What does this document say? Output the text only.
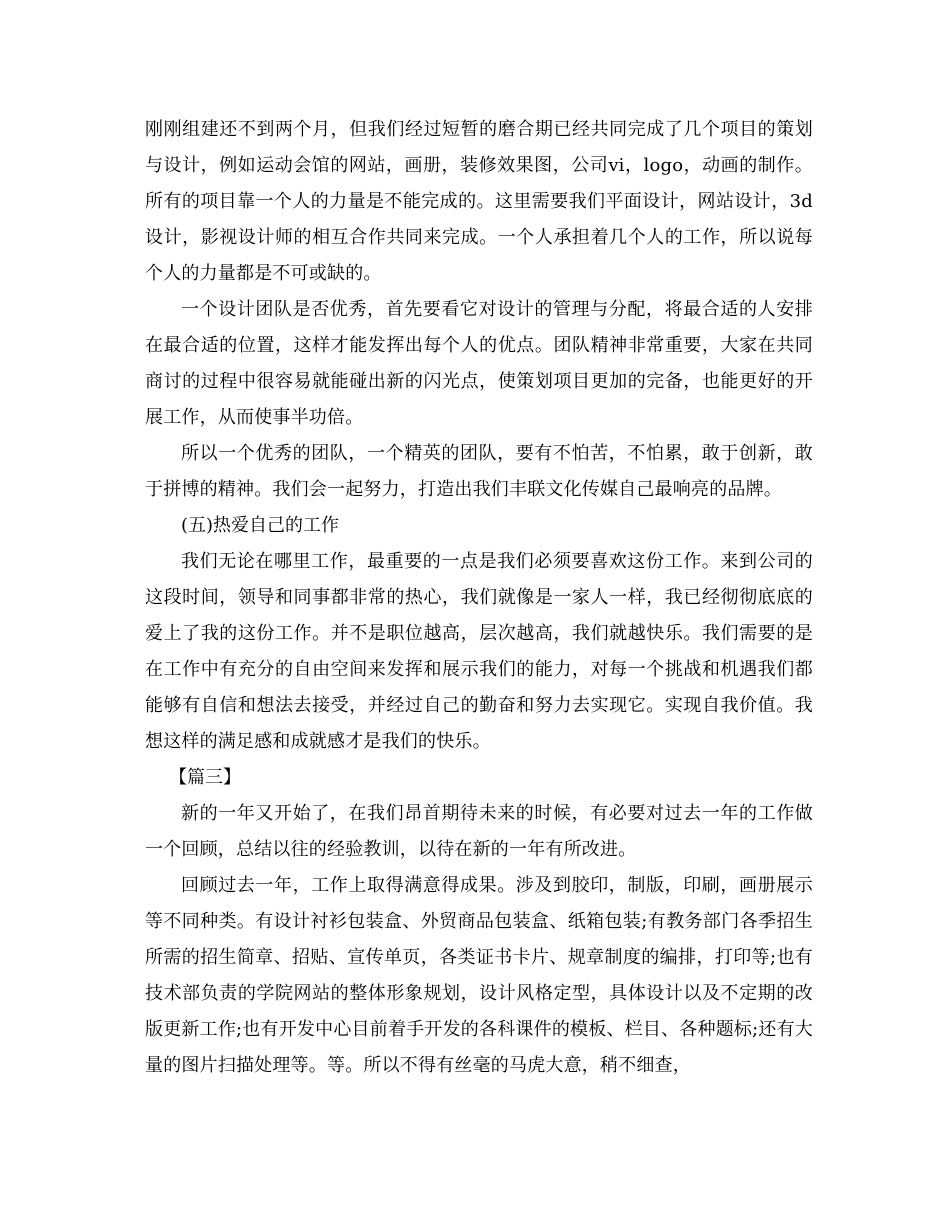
刚刚组建还不到两个月，但我们经过短暂的磨合期已经共同完成了几个项目的策划与设计，例如运动会馆的网站，画册，装修效果图，公司vi，logo，动画的制作。所有的项目靠一个人的力量是不能完成的。这里需要我们平面设计，网站设计，3d设计，影视设计师的相互合作共同来完成。一个人承担着几个人的工作，所以说每个人的力量都是不可或缺的。

一个设计团队是否优秀，首先要看它对设计的管理与分配，将最合适的人安排在最合适的位置，这样才能发挥出每个人的优点。团队精神非常重要，大家在共同商讨的过程中很容易就能碰出新的闪光点，使策划项目更加的完备，也能更好的开展工作，从而使事半功倍。

所以一个优秀的团队，一个精英的团队，要有不怕苦，不怕累，敢于创新，敢于拼博的精神。我们会一起努力，打造出我们丰联文化传媒自己最响亮的品牌。

(五)热爱自己的工作

我们无论在哪里工作，最重要的一点是我们必须要喜欢这份工作。来到公司的这段时间，领导和同事都非常的热心，我们就像是一家人一样，我已经彻彻底底的爱上了我的这份工作。并不是职位越高，层次越高，我们就越快乐。我们需要的是在工作中有充分的自由空间来发挥和展示我们的能力，对每一个挑战和机遇我们都能够有自信和想法去接受，并经过自己的勤奋和努力去实现它。实现自我价值。我想这样的满足感和成就感才是我们的快乐。

【篇三】

新的一年又开始了，在我们昂首期待未来的时候，有必要对过去一年的工作做一个回顾，总结以往的经验教训，以待在新的一年有所改进。

回顾过去一年，工作上取得满意得成果。涉及到胶印，制版，印刷，画册展示等不同种类。有设计衬衫包装盒、外贸商品包装盒、纸箱包装;有教务部门各季招生所需的招生简章、招贴、宣传单页，各类证书卡片、规章制度的编排，打印等;也有技术部负责的学院网站的整体形象规划，设计风格定型，具体设计以及不定期的改版更新工作;也有开发中心目前着手开发的各科课件的模板、栏目、各种题标;还有大量的图片扫描处理等。等。所以不得有丝毫的马虎大意，稍不细查，
